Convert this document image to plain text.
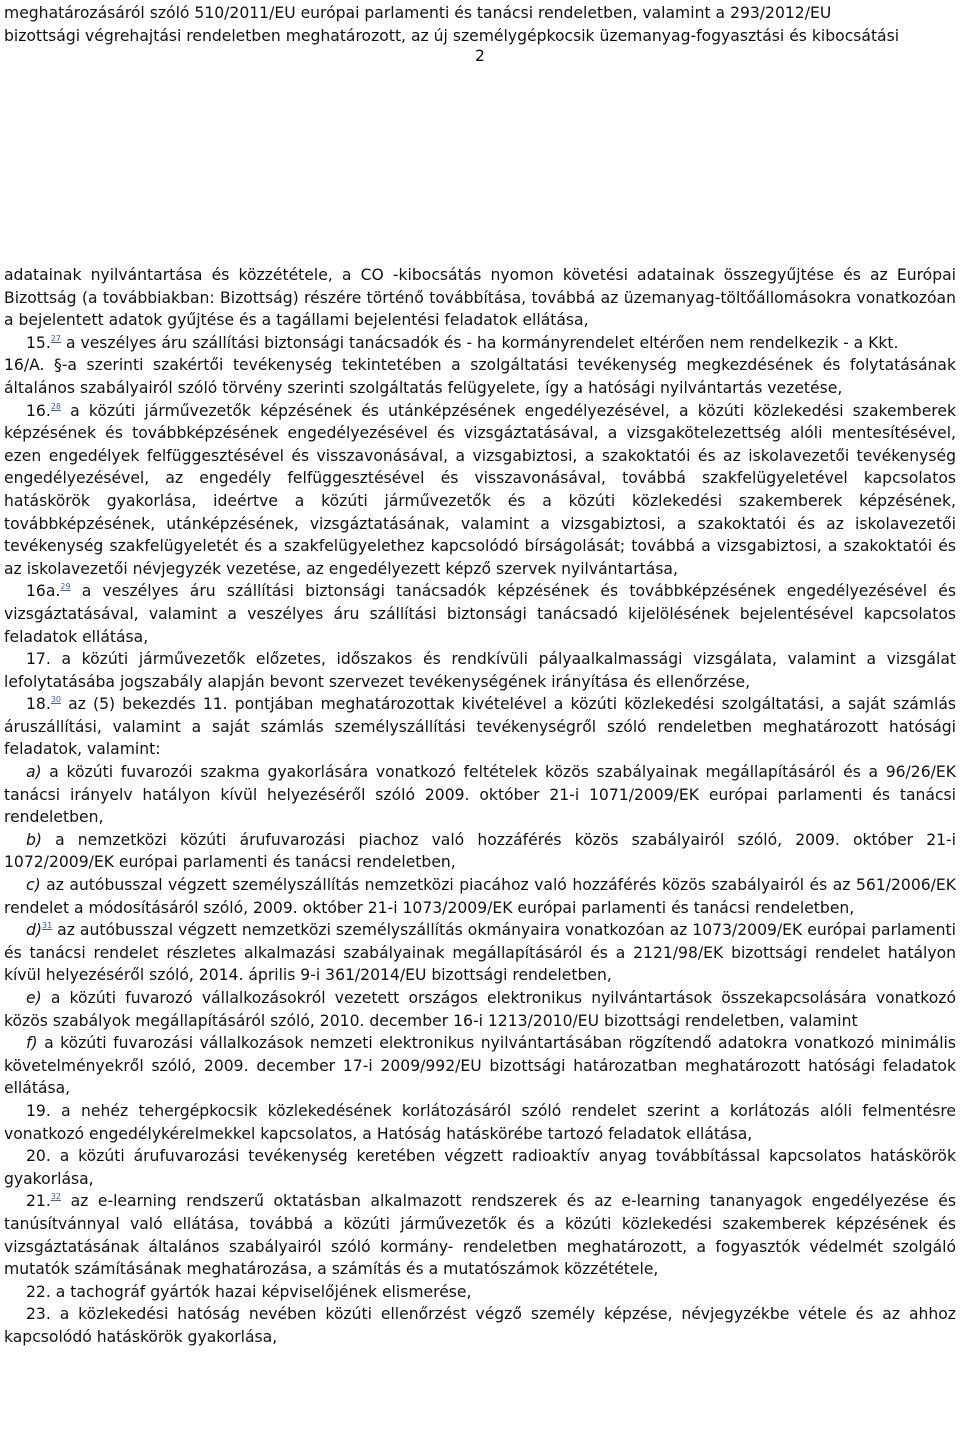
meghatározásáról szóló 510/2011/EU európai parlamenti és tanácsi rendeletben, valamint a 293/2012/EU

bizottsági végrehajtási rendeletben meghatározott, az új személygépkocsik üzemanyag-fogyasztási és kibocsátási

2

adatainak nyilvántartása és közzététele, a CO -kibocsátás nyomon követési adatainak összegyűjtése és az Európai Bizottság (a továbbiakban: Bizottság) részére történő továbbítása, továbbá az üzemanyag-töltőállomásokra vonatkozóan a bejelentett adatok gyűjtése és a tagállami bejelentési feladatok ellátása,

15.27 a veszélyes áru szállítási biztonsági tanácsadók és - ha kormányrendelet eltérően nem rendelkezik - a Kkt.

16/A. §-a szerinti szakértői tevékenység tekintetében a szolgáltatási tevékenység megkezdésének és folytatásának általános szabályairól szóló törvény szerinti szolgáltatás felügyelete, így a hatósági nyilvántartás vezetése,

16.28 a közúti járművezetők képzésének és utánképzésének engedélyezésével, a közúti közlekedési szakemberek képzésének és továbbképzésének engedélyezésével és vizsgáztatásával, a vizsgakötelezettség alóli mentesítésével, ezen engedélyek felfüggesztésével és visszavonásával, a vizsgabiztosi, a szakoktatói és az iskolavezetői tevékenység engedélyezésével, az engedély felfüggesztésével és visszavonásával, továbbá szakfelügyeletével kapcsolatos hatáskörök gyakorlása, ideértve a közúti járművezetők és a közúti közlekedési szakemberek képzésének, továbbképzésének, utánképzésének, vizsgáztatásának, valamint a vizsgabiztosi, a szakoktatói és az iskolavezetői tevékenység szakfelügyeletét és a szakfelügyelethez kapcsolódó bírságolását; továbbá a vizsgabiztosi, a szakoktatói és az iskolavezetői névjegyzék vezetése, az engedélyezett képző szervek nyilvántartása,

16a.$^{29}$ a veszélyes áru szállítási biztonsági tanácsadók képzésének és továbbképzésének engedélyezésével és vizsgáztatásával, valamint a veszélyes áru szállítási biztonsági tanácsadó kijelölésének bejelentésével kapcsolatos feladatok ellátása,

17. a közúti járművezetők előzetes, időszakos és rendkívüli pályaalkalmassági vizsgálata, valamint a vizsgálat lefolytatásába jogszabály alapján bevont szervezet tevékenységének irányítása és ellenőrzése,

18.30 az (5) bekezdés 11. pontjában meghatározottak kivételével a közúti közlekedési szolgáltatási, a saját számlás áruszállítási, valamint a saját számlás személyszállítási tevékenységről szóló rendeletben meghatározott hatósági feladatok, valamint:

a) a közúti fuvarozói szakma gyakorlására vonatkozó feltételek közös szabályainak megállapításáról és a 96/26/EK tanácsi irányelv hatályon kívül helyezéséről szóló 2009. október 21-i 1071/2009/EK európai parlamenti és tanácsi rendeletben,

b) a nemzetközi közúti árufuvarozási piachoz való hozzáférés közös szabályairól szóló, 2009. október 21-i 1072/2009/EK európai parlamenti és tanácsi rendeletben,

c) az autóbusszal végzett személyszállítás nemzetközi piacához való hozzáférés közös szabályairól és az 561/2006/EK rendelet a módosításáról szóló, 2009. október 21-i 1073/2009/EK európai parlamenti és tanácsi rendeletben,

d)$^{31}$ az autóbusszal végzett nemzetközi személyszállítás okmányaira vonatkozóan az 1073/2009/EK európai parlamenti és tanácsi rendelet részletes alkalmazási szabályainak megállapításáról és a 2121/98/EK bizottsági rendelet hatályon kívül helyezéséről szóló, 2014. április 9-i 361/2014/EU bizottsági rendeletben,

e) a közúti fuvarozó vállalkozásokról vezetett országos elektronikus nyilvántartások összekapcsolására vonatkozó közös szabályok megállapításáról szóló, 2010. december 16-i 1213/2010/EU bizottsági rendeletben, valamint

f) a közúti fuvarozási vállalkozások nemzeti elektronikus nyilvántartásában rögzítendő adatokra vonatkozó minimális követelményekről szóló, 2009. december 17-i 2009/992/EU bizottsági határozatban meghatározott hatósági feladatok ellátása,

19. a nehéz tehergépkocsik közlekedésének korlátozásáról szóló rendelet szerint a korlátozás alóli felmentésre vonatkozó engedélykérelmekkel kapcsolatos, a Hatóság hatáskörébe tartozó feladatok ellátása,

20. a közúti árufuvarozási tevékenység keretében végzett radioaktív anyag továbbítással kapcsolatos hatáskörök gyakorlása,

21.32 az e-learning rendszerű oktatásban alkalmazott rendszerek és az e-learning tananyagok engedélyezése és tanúsítvánnyal való ellátása, továbbá a közúti járművezetők és a közúti közlekedési szakemberek képzésének és vizsgáztatásának általános szabályairól szóló kormány- rendeletben meghatározott, a fogyasztók védelmét szolgáló mutatók számításának meghatározása, a számítás és a mutatószámok közzététele,

22. a tachográf gyártók hazai képviselőjének elismerése,

23. a közlekedési hatóság nevében közúti ellenőrzést végző személy képzése, névjegyzékbe vétele és az ahhoz kapcsolódó hatáskörök gyakorlása,
